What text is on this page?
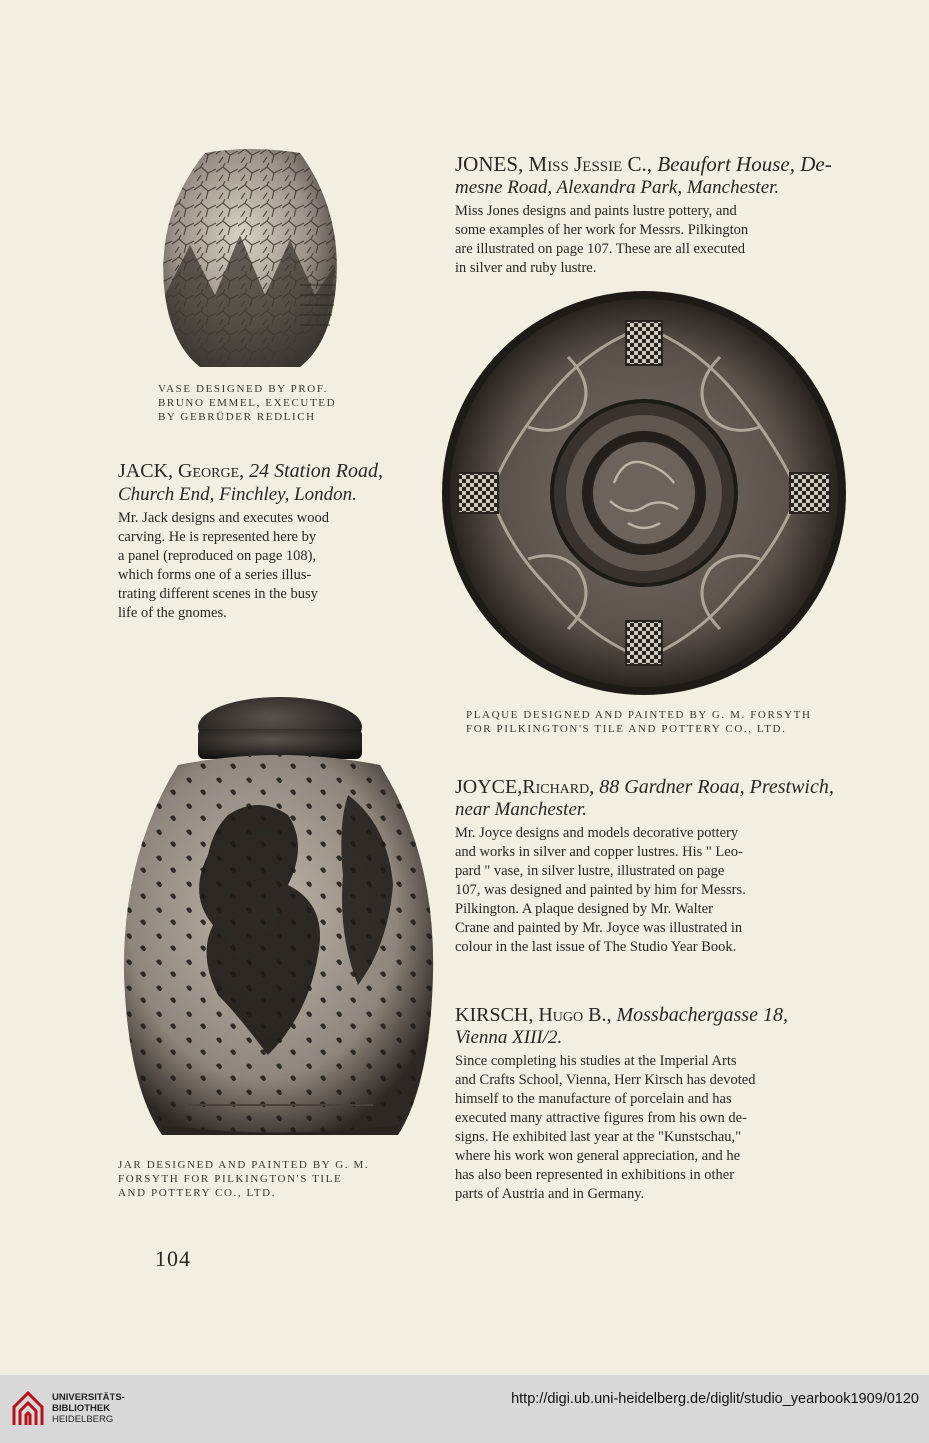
VASE DESIGNED BY PROF.
BRUNO EMMEL, EXECUTED
BY GEBRÜDER REDLICH
JONES, Miss Jessie C., Beaufort House, De-
mesne Road, Alexandra Park, Manchester.
Miss Jones designs and paints lustre pottery, and
some examples of her work for Messrs. Pilkington
are illustrated on page 107. These are all executed
in silver and ruby lustre.
PLAQUE DESIGNED AND PAINTED BY G. M. FORSYTH
FOR PILKINGTON'S TILE AND POTTERY CO., LTD.
JACK, George, 24 Station Road,
Church End, Finchley, London.
Mr. Jack designs and executes wood
carving. He is represented here by
a panel (reproduced on page 108),
which forms one of a series illus-
trating different scenes in the busy
life of the gnomes.
JOYCE,Richard, 88 Gardner Roaa, Prestwich,
near Manchester.
Mr. Joyce designs and models decorative pottery
and works in silver and copper lustres. His " Leo-
pard " vase, in silver lustre, illustrated on page
107, was designed and painted by him for Messrs.
Pilkington. A plaque designed by Mr. Walter
Crane and painted by Mr. Joyce was illustrated in
colour in the last issue of The Studio Year Book.
KIRSCH, Hugo B., Mossbachergasse 18,
Vienna XIII/2.
Since completing his studies at the Imperial Arts
and Crafts School, Vienna, Herr Kirsch has devoted
himself to the manufacture of porcelain and has
executed many attractive figures from his own de-
signs. He exhibited last year at the "Kunstschau,"
where his work won general appreciation, and he
has also been represented in exhibitions in other
parts of Austria and in Germany.
JAR DESIGNED AND PAINTED BY G. M.
FORSYTH FOR PILKINGTON'S TILE
AND POTTERY CO., LTD.
104
UNIVERSITÄTS-
BIBLIOTHEK
HEIDELBERG
http://digi.ub.uni-heidelberg.de/diglit/studio_yearbook1909/0120
